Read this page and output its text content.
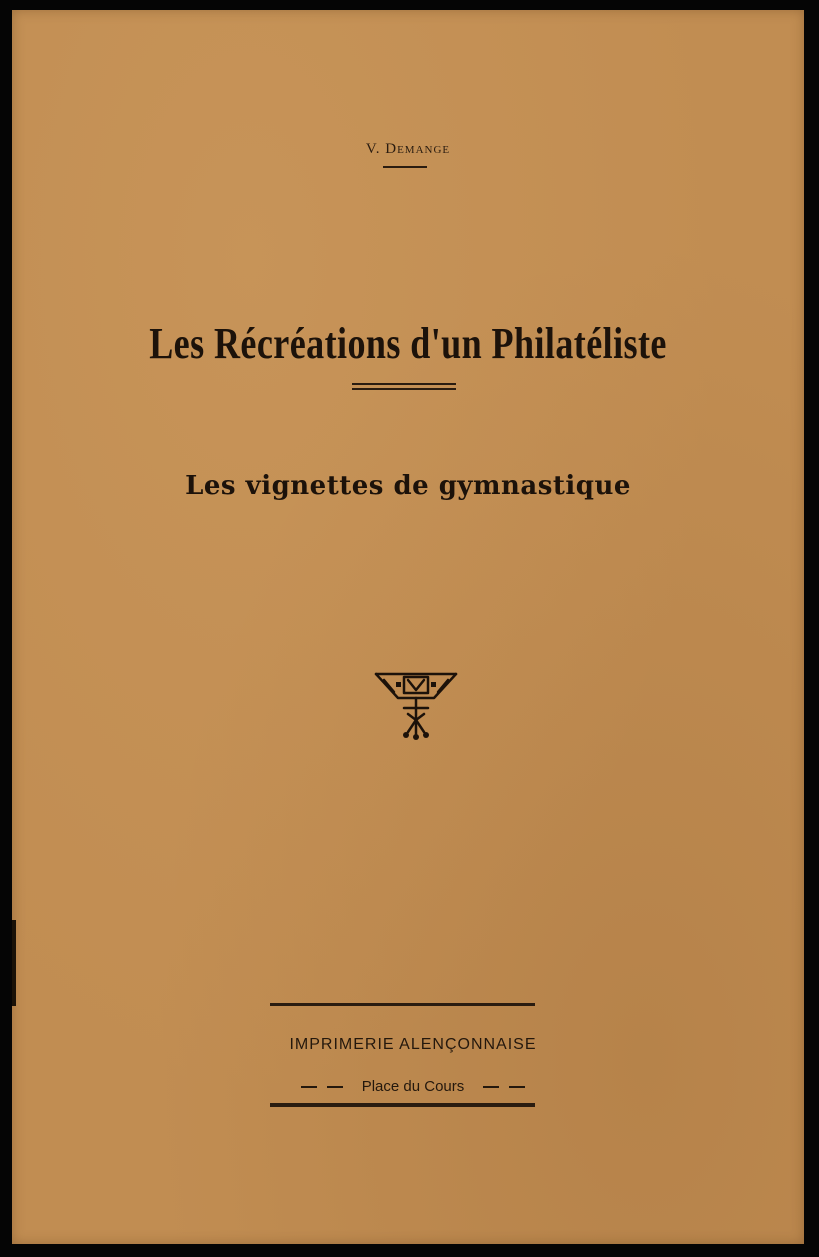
V. Demange
Les Récréations d'un Philatéliste
Les vignettes de gymnastique
IMPRIMERIE ALENÇONNAISE
Place du Cours
